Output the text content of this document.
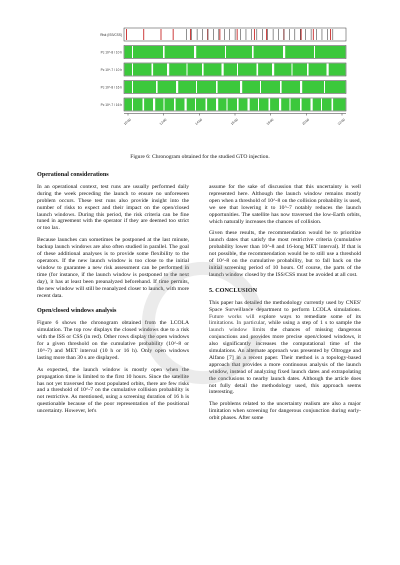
Risk (ISS/CSS)
Pc 10^-8 / 10 h
Pc 10^-7 / 10 h
Pc 10^-8 / 16 h
Pc 10^-7 / 16 h
10:00	12:00	14:00	16:00	18:00	20:00	22:00
Figure 6: Chronogram obtained for the studied GTO injection.
Operational considerations

In an operational context, test runs are usually performed daily during the week preceding the launch to ensure no unforeseen problem occurs. These test runs also provide insight into the number of risks to expect and their impact on the open/closed launch windows. During this period, the risk criteria can be fine tuned in agreement with the operator if they are deemed too strict or too lax.

Because launches can sometimes be postponed at the last minute, backup launch windows are also often studied in parallel. The goal of these additional analyses is to provide some flexibility to the operators. If the new launch window is too close to the initial window to guarantee a new risk assessment can be performed in time (for instance, if the launch window is postponed to the next day), it has at least been preanalyzed beforehand. If time permits, the new window will still be reanalyzed closer to launch, with more recent data.

Open/closed windows analysis

Figure 6 shows the chronogram obtained from the LCOLA simulation. The top row displays the closed windows due to a risk with the ISS or CSS (in red). Other rows display the open windows for a given threshold on the cumulative probability (10^-8 or 10^-7) and MET interval (10 h or 16 h). Only open windows lasting more than 30 s are displayed.

As expected, the launch window is mostly open when the propagation time is limited to the first 10 hours. Since the satellite has not yet traversed the most populated orbits, there are few risks and a threshold of 10^-7 on the cumulative collision probability is not restrictive. As mentioned, using a screening duration of 16 h is questionable because of the poor representation of the positional uncertainty. However, let's

assume for the sake of discussion that this uncertainty is well represented here. Although the launch window remains mostly open when a threshold of 10^-8 on the collision probability is used, we see that lowering it to 10^-7 notably reduces the launch opportunities. The satellite has now traversed the low-Earth orbits, which naturally increases the chances of collision.

Given these results, the recommendation would be to prioritize launch dates that satisfy the most restrictive criteria (cumulative probability lower than 10^-8 and 16-long MET interval). If that is not possible, the recommendation would be to still use a threshold of 10^-8 on the cumulative probability, but to fall back on the initial screening period of 10 hours. Of course, the parts of the launch window closed by the ISS/CSS must be avoided at all cost.

5. CONCLUSION

This paper has detailed the methodology currently used by CNES' Space Surveillance department to perform LCOLA simulations. Future works will explore ways to remediate some of its limitations. In particular, while using a step of 1 s to sample the launch window limits the chances of missing dangerous conjunctions and provides more precise open/closed windows, it also significantly increases the computational time of the simulations. An alternate approach was presented by Oltrogge and Alfano [7] in a recent paper. Their method is a topology-based approach that provides a more continuous analysis of the launch window, instead of analyzing fixed launch dates and extrapolating the conclusions to nearby launch dates. Although the article does not fully detail the methodology used, this approach seems interesting.

The problems related to the uncertainty realism are also a major limitation when screening for dangerous conjunction during early-orbit phases. After some
